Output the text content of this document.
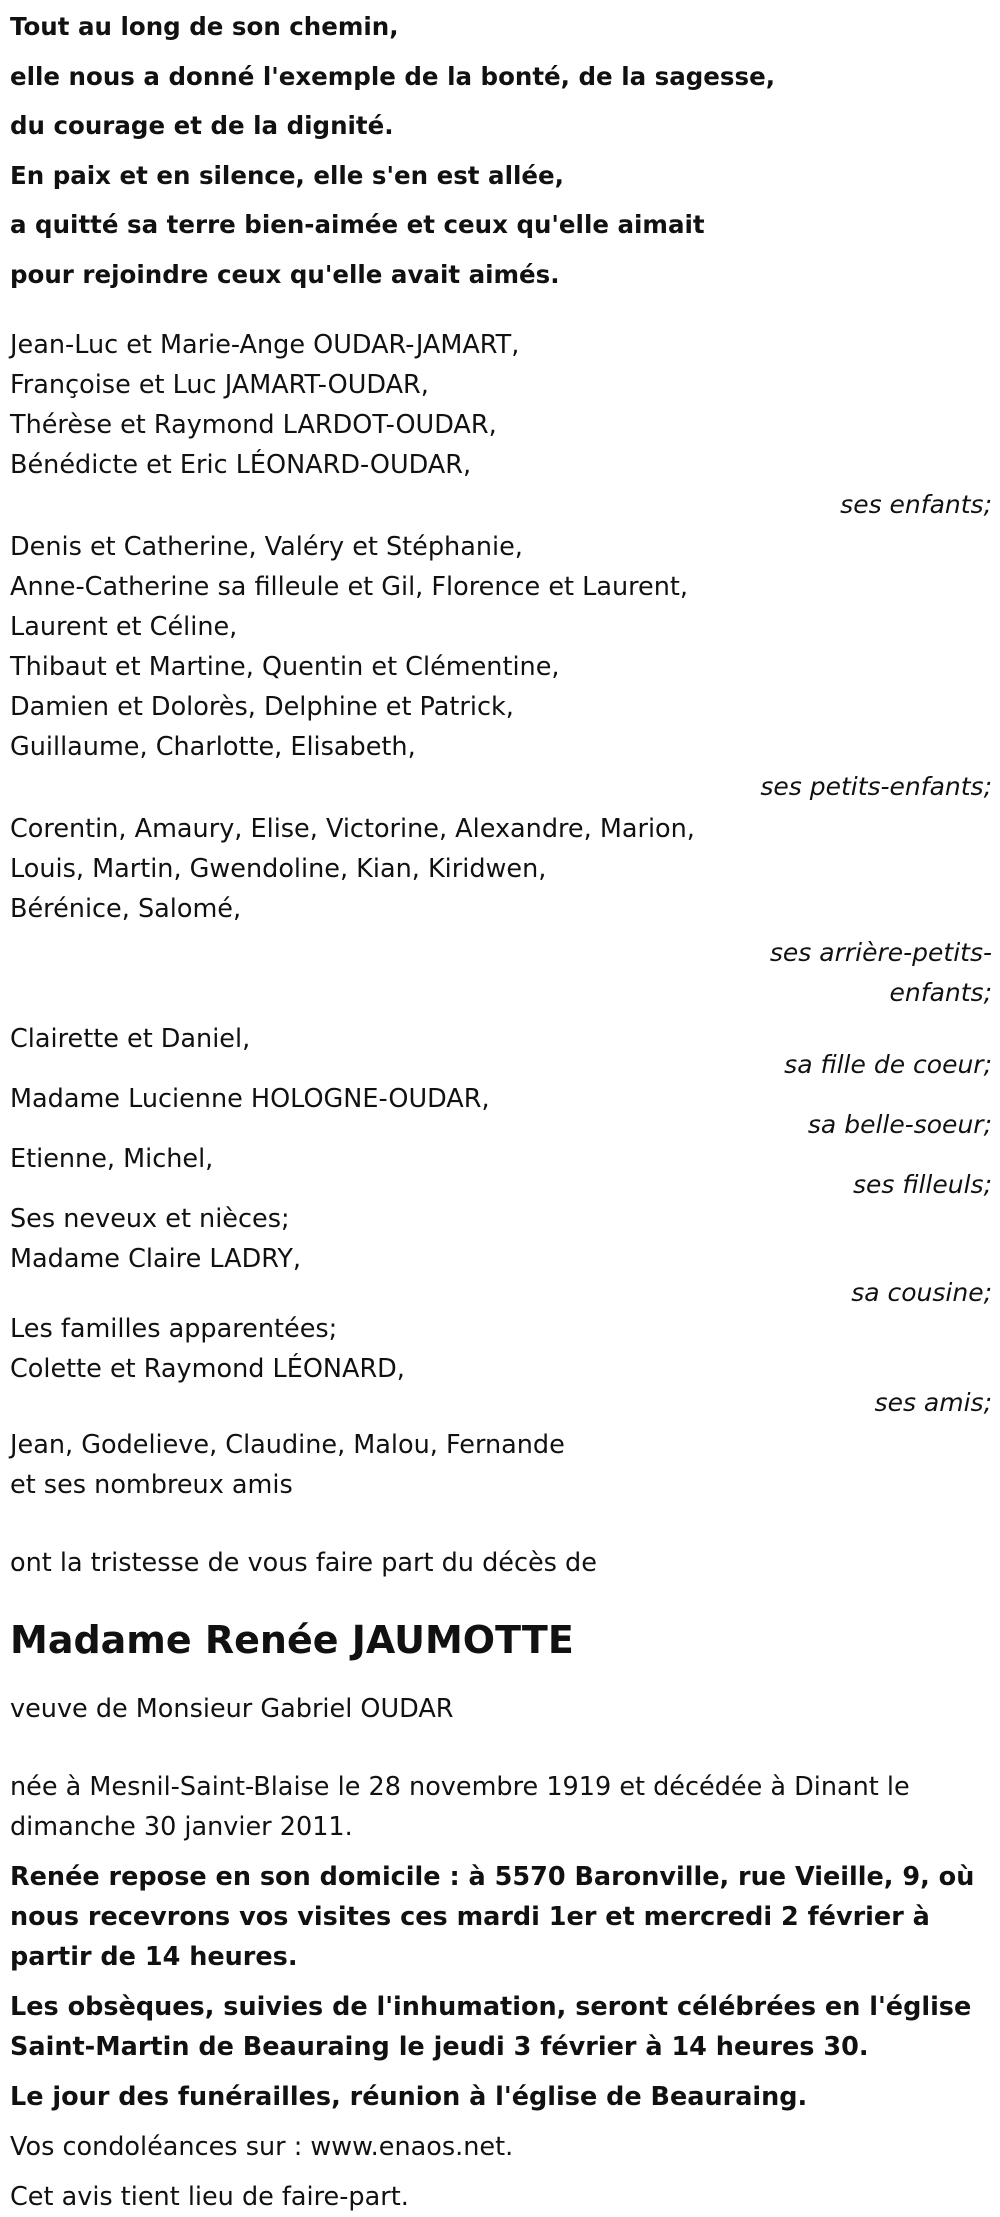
Tout au long de son chemin,
elle nous a donné l'exemple de la bonté, de la sagesse,
du courage et de la dignité.
En paix et en silence, elle s'en est allée,
a quitté sa terre bien-aimée et ceux qu'elle aimait
pour rejoindre ceux qu'elle avait aimés.
Jean-Luc et Marie-Ange OUDAR-JAMART,
Françoise et Luc JAMART-OUDAR,
Thérèse et Raymond LARDOT-OUDAR,
Bénédicte et Eric LÉONARD-OUDAR,
ses enfants;
Denis et Catherine, Valéry et Stéphanie,
Anne-Catherine sa filleule et Gil, Florence et Laurent,
Laurent et Céline,
Thibaut et Martine, Quentin et Clémentine,
Damien et Dolorès, Delphine et Patrick,
Guillaume, Charlotte, Elisabeth,
ses petits-enfants;
Corentin, Amaury, Elise, Victorine, Alexandre, Marion,
Louis, Martin, Gwendoline, Kian, Kiridwen,
Bérénice, Salomé,
ses arrière-petits-enfants;
Clairette et Daniel,
sa fille de coeur;
Madame Lucienne HOLOGNE-OUDAR,
sa belle-soeur;
Etienne, Michel,
ses filleuls;
Ses neveux et nièces;
Madame Claire LADRY,
sa cousine;
Les familles apparentées;
Colette et Raymond LÉONARD,
ses amis;
Jean, Godelieve, Claudine, Malou, Fernande
et ses nombreux amis
ont la tristesse de vous faire part du décès de
Madame Renée JAUMOTTE
veuve de Monsieur Gabriel OUDAR
née à Mesnil-Saint-Blaise le 28 novembre 1919 et décédée à Dinant le dimanche 30 janvier 2011.
Renée repose en son domicile : à 5570 Baronville, rue Vieille, 9, où nous recevrons vos visites ces mardi 1er et mercredi 2 février à partir de 14 heures.
Les obsèques, suivies de l'inhumation, seront célébrées en l'église Saint-Martin de Beauraing le jeudi 3 février à 14 heures 30.
Le jour des funérailles, réunion à l'église de Beauraing.
Vos condoléances sur : www.enaos.net.
Cet avis tient lieu de faire-part.
